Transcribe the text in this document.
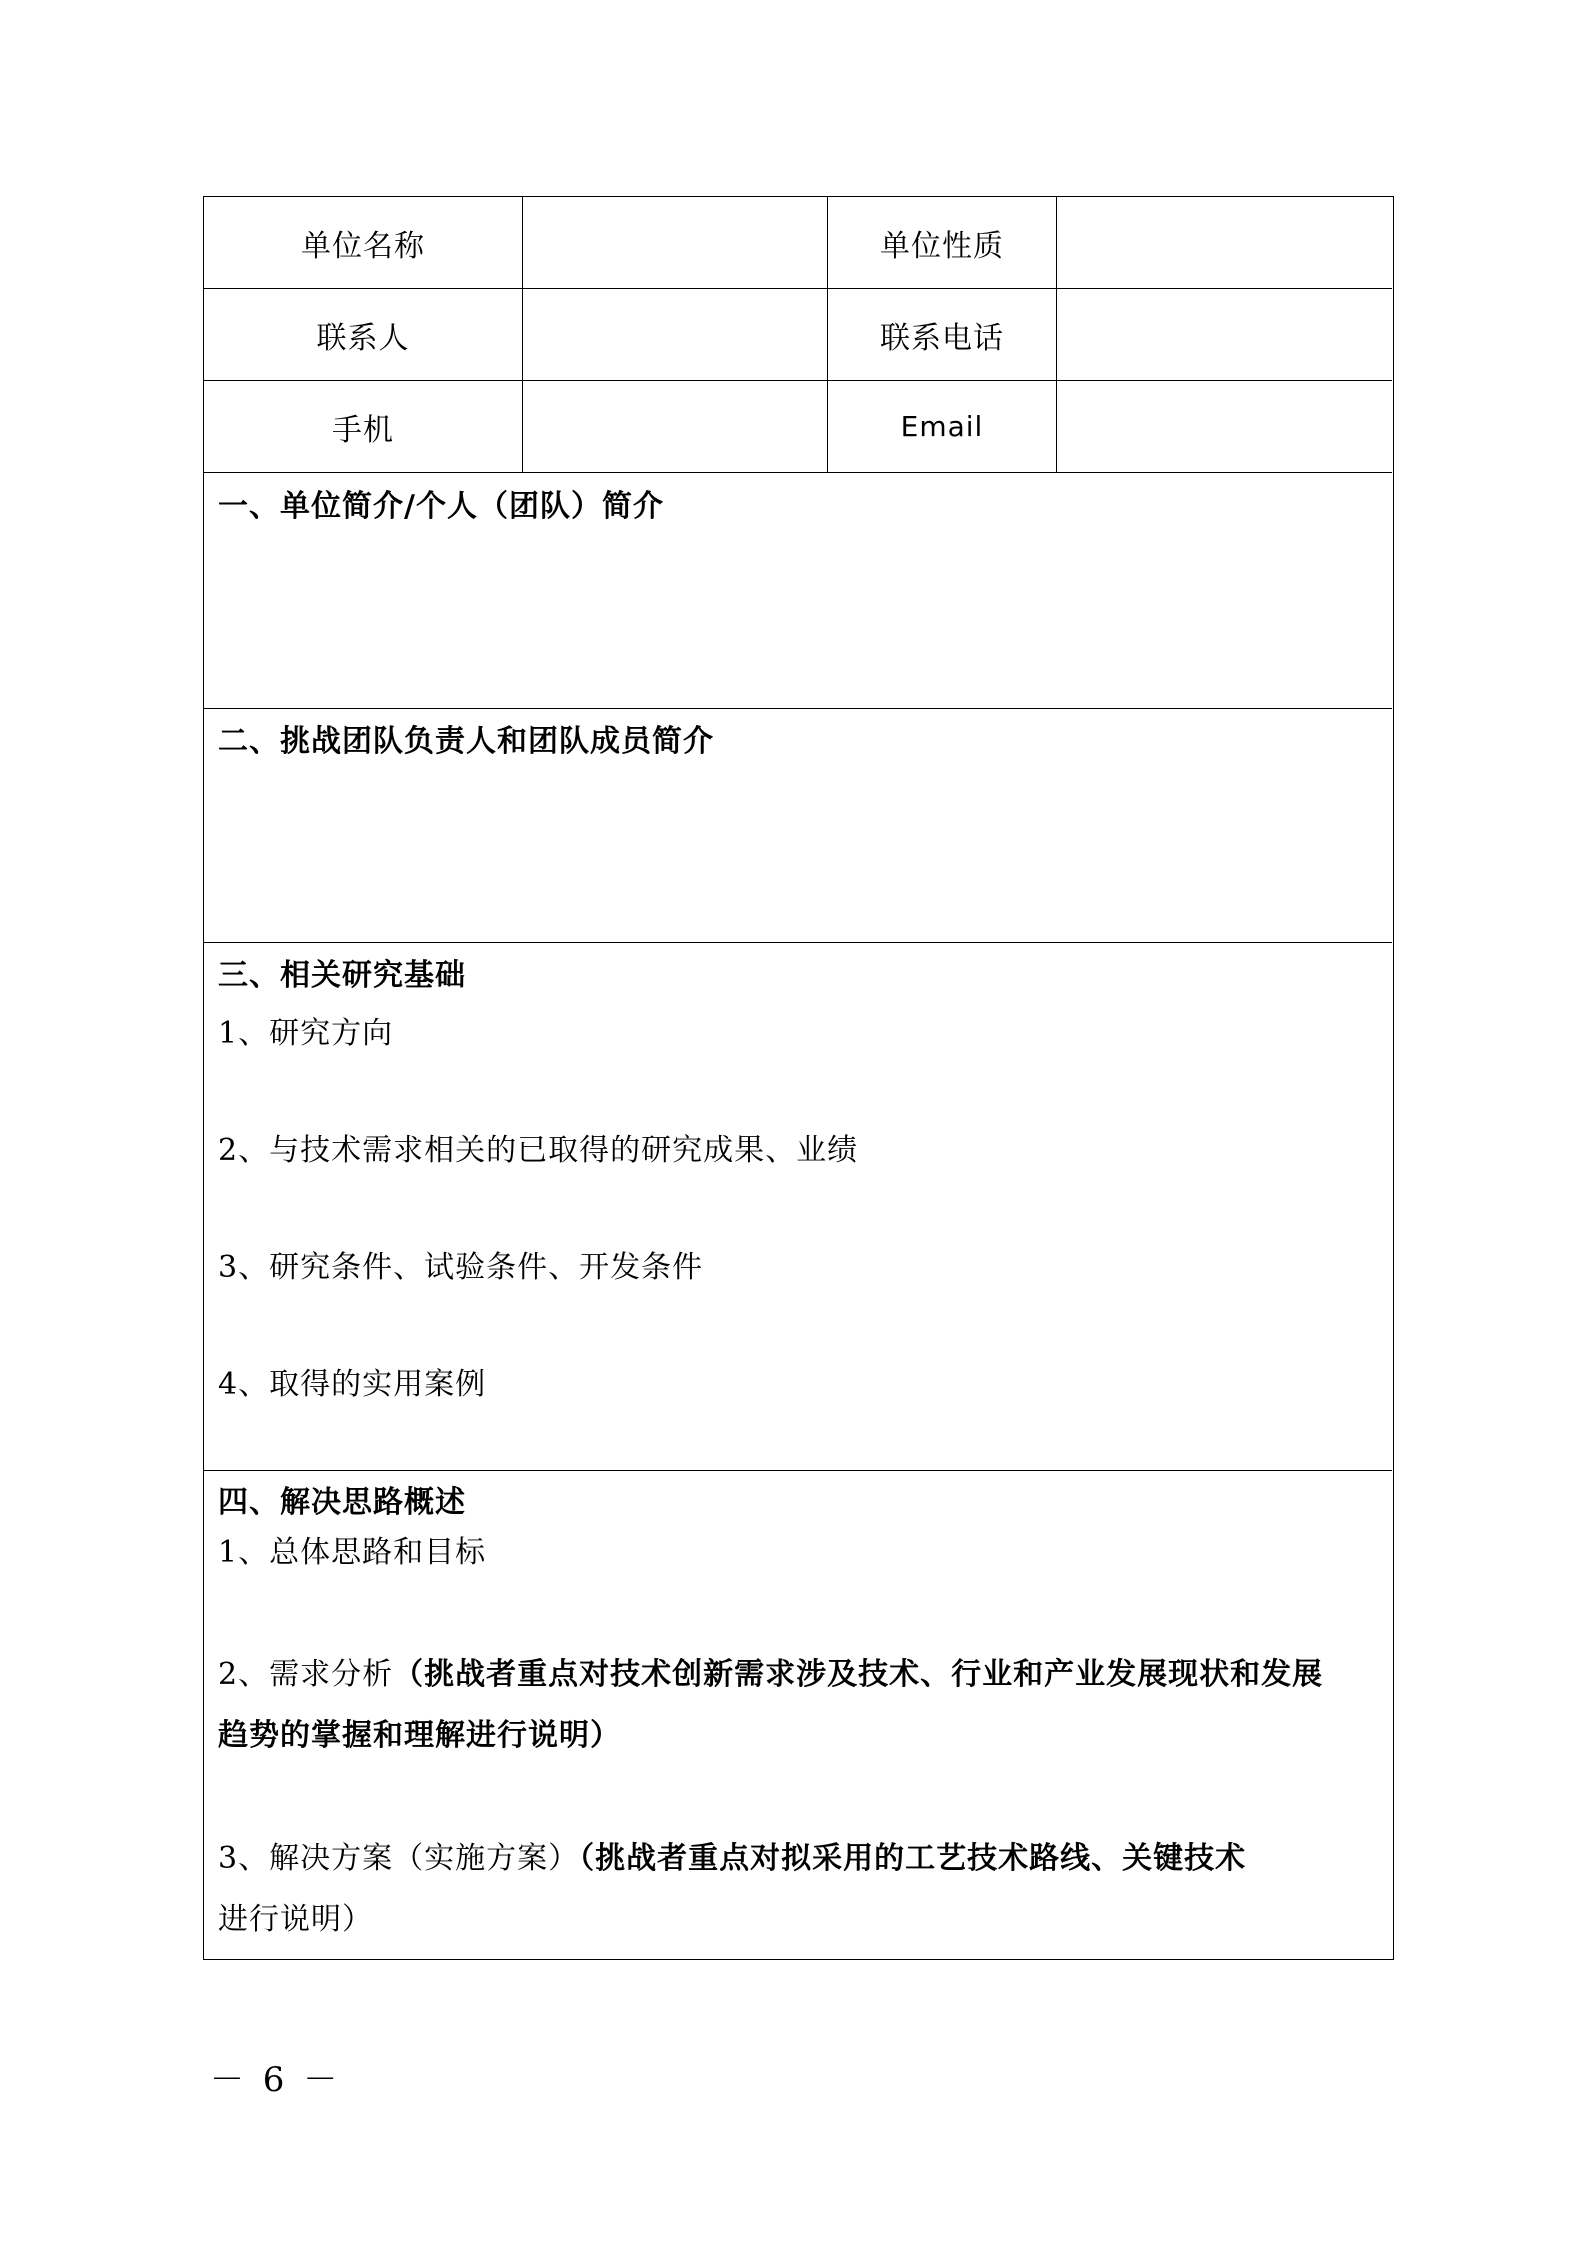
单位名称	单位性质
联系人	联系电话
手机	Email
一、单位简介/个人（团队）简介
二、挑战团队负责人和团队成员简介
三、相关研究基础
1、研究方向
2、与技术需求相关的已取得的研究成果、业绩
3、研究条件、试验条件、开发条件
4、取得的实用案例
四、解决思路概述
1、总体思路和目标
2、需求分析（挑战者重点对技术创新需求涉及技术、行业和产业发展现状和发展
趋势的掌握和理解进行说明）
3、解决方案（实施方案）（挑战者重点对拟采用的工艺技术路线、关键技术
进行说明）
－ 6 －
